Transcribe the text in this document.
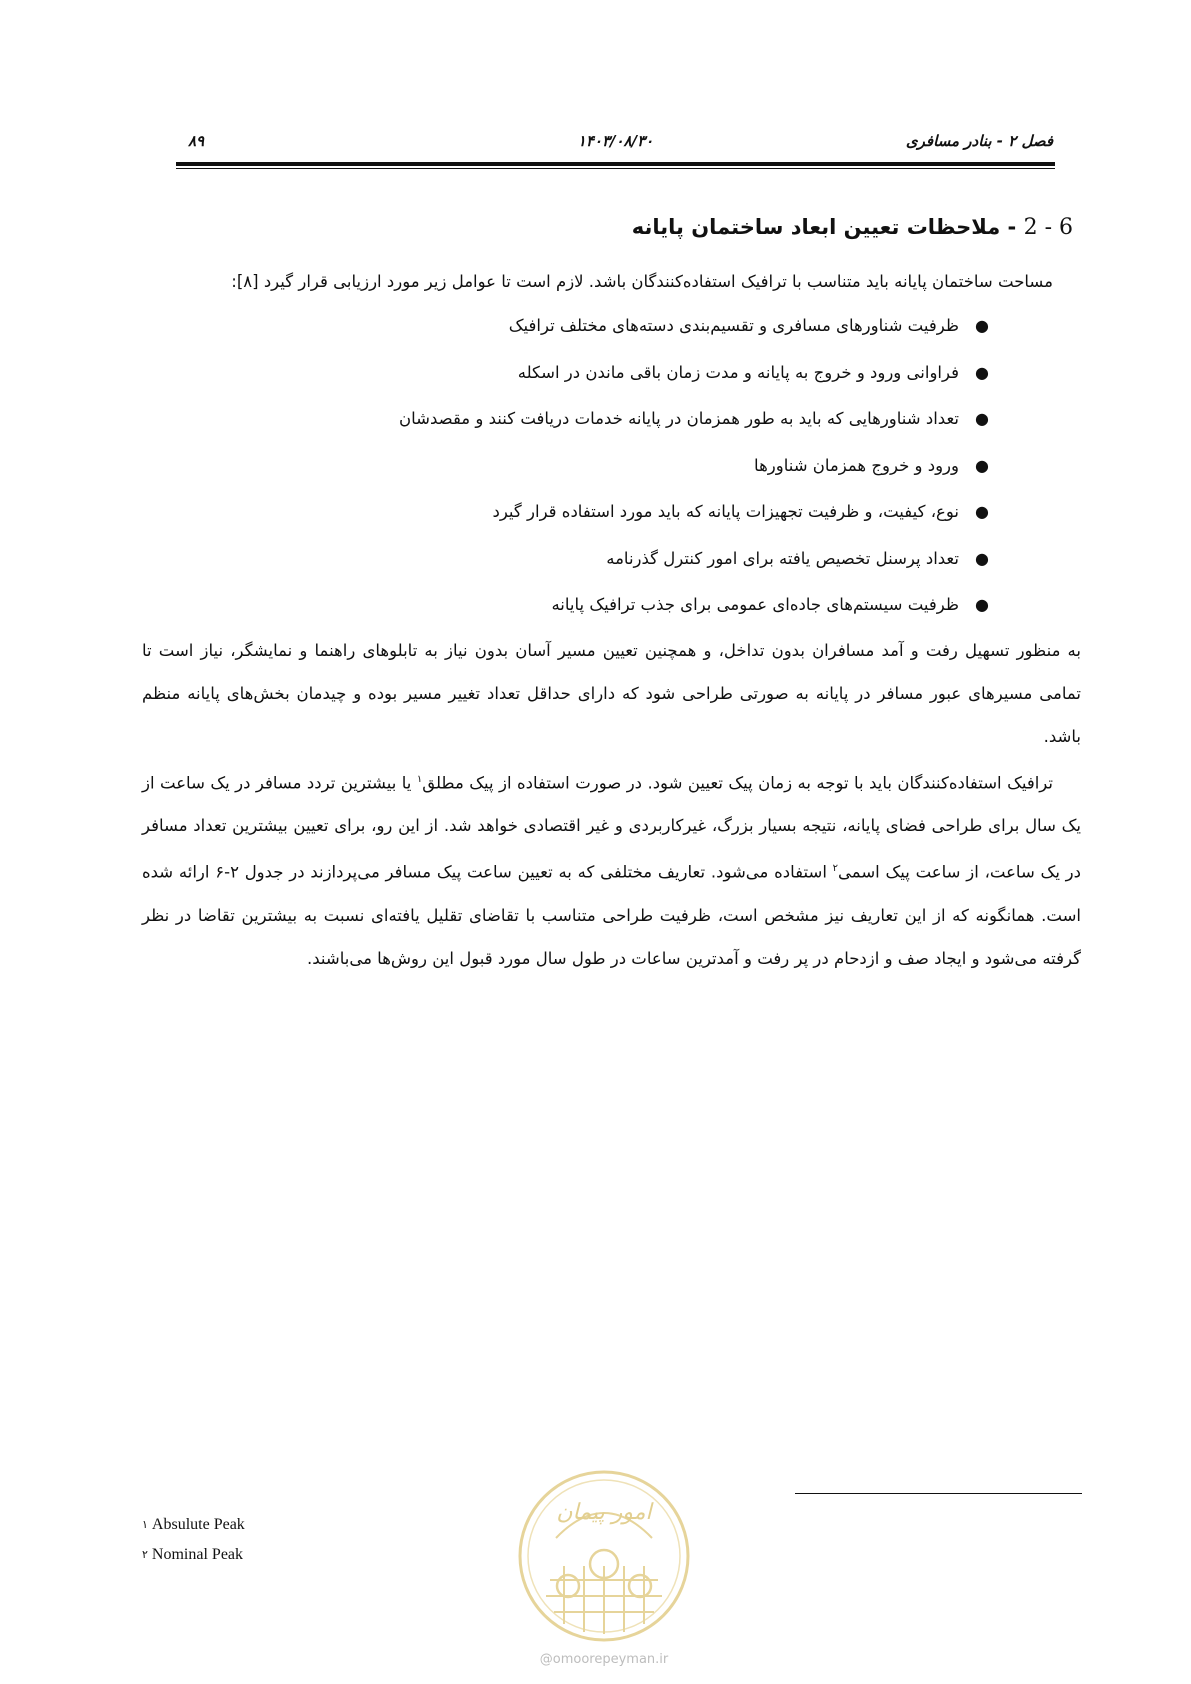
فصل ۲ - بنادر مسافری
۱۴۰۳/۰۸/۳۰
۸۹
2 - 6 - ملاحظات تعیین ابعاد ساختمان پایانه

مساحت ساختمان پایانه باید متناسب با ترافیک استفاده‌کنندگان باشد. لازم است تا عوامل زیر مورد ارزیابی قرار گیرد [۸]:

●
ظرفیت شناورهای مسافری و تقسیم‌بندی دسته‌های مختلف ترافیک
●
فراوانی ورود و خروج به پایانه و مدت زمان باقی ماندن در اسکله
●
تعداد شناورهایی که باید به طور همزمان در پایانه خدمات دریافت کنند و مقصدشان
●
ورود و خروج همزمان شناورها
●
نوع، کیفیت، و ظرفیت تجهیزات پایانه که باید مورد استفاده قرار گیرد
●
تعداد پرسنل تخصیص یافته برای امور کنترل گذرنامه
●
ظرفیت سیستم‌های جاده‌ای عمومی برای جذب ترافیک پایانه

به منظور تسهیل رفت و آمد مسافران بدون تداخل، و همچنین تعیین مسیر آسان بدون نیاز به تابلوهای راهنما و نمایشگر، نیاز است تا تمامی مسیرهای عبور مسافر در پایانه به صورتی طراحی شود که دارای حداقل تعداد تغییر مسیر بوده و چیدمان بخش‌های پایانه منظم باشد.

ترافیک استفاده‌کنندگان باید با توجه به زمان پیک تعیین شود. در صورت استفاده از پیک مطلق$^۱$ یا بیشترین تردد مسافر در یک ساعت از یک سال برای طراحی فضای پایانه، نتیجه بسیار بزرگ، غیرکاربردی و غیر اقتصادی خواهد شد. از این رو، برای تعیین بیشترین تعداد مسافر در یک ساعت، از ساعت پیک اسمی$^۲$ استفاده می‌شود. تعاریف مختلفی که به تعیین ساعت پیک مسافر می‌پردازند در جدول ۲-۶ ارائه شده است. همانگونه که از این تعاریف نیز مشخص است، ظرفیت طراحی متناسب با تقاضای تقلیل یافته‌ای نسبت به بیشترین تقاضا در نظر گرفته می‌شود و ایجاد صف و ازدحام در پر رفت و آمدترین ساعات در طول سال مورد قبول این روش‌ها می‌باشند.

$^۱$ Absulute Peak
$^۲$ Nominal Peak
امور پیمان
@omoorepeyman.ir
